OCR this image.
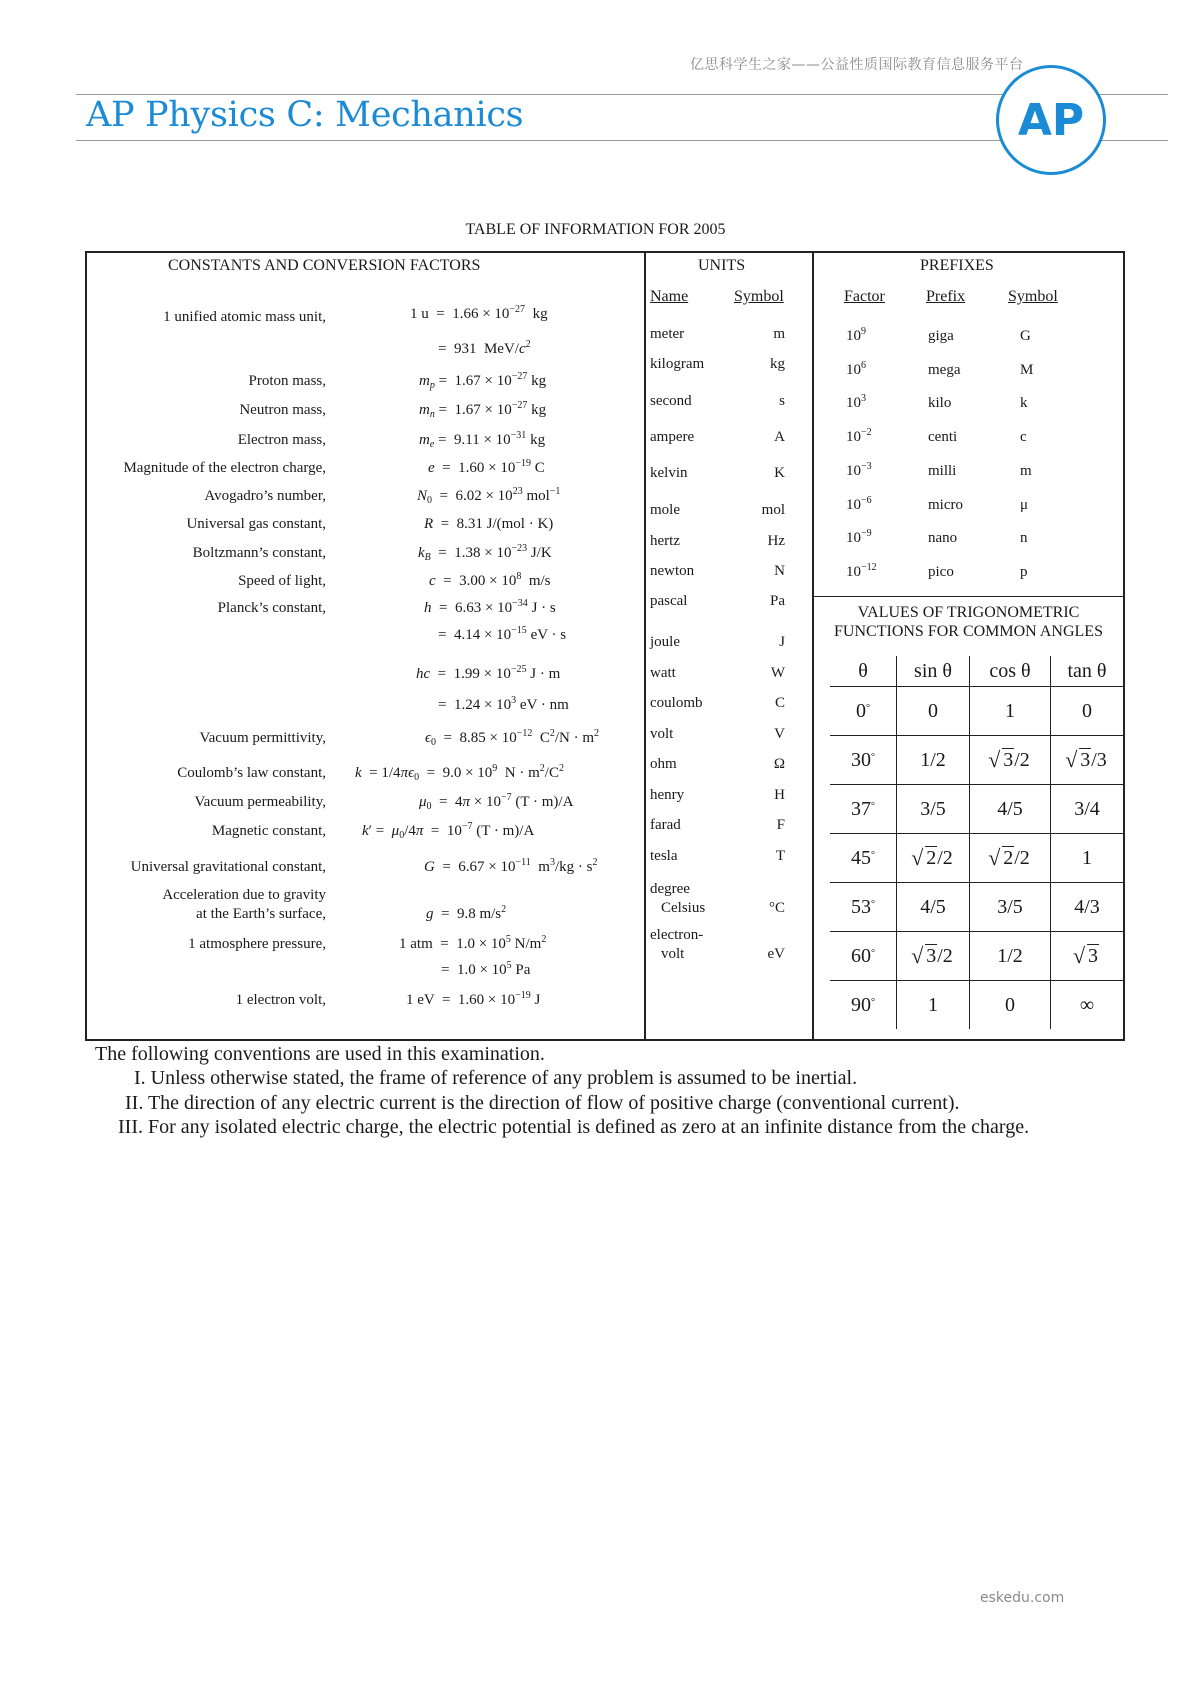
亿思科学生之家——公益性质国际教育信息服务平台
AP Physics C: Mechanics	AP
TABLE OF INFORMATION FOR 2005
CONSTANTS AND CONVERSION FACTORS
1 unified atomic mass unit,	1 $u = 1.66 \times 10^{-27}$  kg
=  931  MeV/$c^2$
Proton mass,	$m_p = 1.67 \times 10^{-27}$ kg
Neutron mass,	$m_n = 1.67 \times 10^{-27}$ kg
Electron mass,	$m_e = 9.11 \times 10^{-31}$ kg
Magnitude of the electron charge,	$e = 1.60 \times 10^{-19}$ C
Avogadro’s number,	$N_0 = 6.02 \times 10^{23}$ mol$^{-1}$
Universal gas constant,	R  =  8.31 J/(mol · K)
Boltzmann’s constant,	$k_B = 1.38 \times 10^{-23}$ J/K
Speed of light,	$c = 3.00 \times 10^8$  m/s
Planck’s constant,	$h = 6.63 \times 10^{-34}$ J · s
=  $4.14 \times 10^{-15}$ eV · s
hc  =  $1.99 \times 10^{-25}$ J · m
=  $1.24 \times 10^3$ eV · nm
Vacuum permittivity,	$\epsilon_0 = 8.85 \times 10^{-12}$  $C^2/N \cdot m^2$
Coulomb’s law constant, $k = 1/4\pi\epsilon_0 = 9.0 \times 10^9$  $N \cdot m^2/C^2$
Vacuum permeability,	$\mu_0 = 4\pi \times 10^{-7}$ (T · m)/A
Magnetic constant, $k' = \mu_0/4\pi = 10^{-7}$ (T · m)/A
Universal gravitational constant,	$G = 6.67 \times 10^{-11}$  $m^3/kg \cdot s^2$
Acceleration due to gravity
at the Earth’s surface,	g  =  9.8 $m/s^2$
1 atmosphere pressure,	1 atm  =  $1.0 \times 10^5$ $N/m^2$
=  $1.0 \times 10^5$ Pa
1 electron volt,	1 eV  =  $1.60 \times 10^{-19}$ J
UNITS
Name	Symbol
meter	m
kilogram	kg
second	s
ampere	A
kelvin	K
mole	mol
hertz	Hz
newton	N
pascal	Pa
joule	J
watt	W
coulomb	C
volt	V
ohm	Ω
henry	H
farad	F
tesla	T
degree
Celsius	°C
electron-
volt	eV
PREFIXES
Factor	Prefix	Symbol
$10^9$	giga	G
$10^6$	mega	M
$10^3$	kilo	k
$10^{-2}$	centi	c
$10^{-3}$	milli	m
$10^{-6}$	micro	μ
$10^{-9}$	nano	n
$10^{-12}$	pico	p
VALUES OF TRIGONOMETRIC
FUNCTIONS FOR COMMON ANGLES
θ	sin θ	cos θ	tan θ
0°	0	1	0
30°	1/2	√ 3/2	√ 3/3
37°	3/5	4/5	3/4
45°	√ 2/2	√ 2/2	1
53°	4/5	3/5	4/3
60°	√ 3/2	1/2	√ 3
90°	1	0	∞
The following conventions are used in this examination.
I. Unless otherwise stated, the frame of reference of any problem is assumed to be inertial.
II. The direction of any electric current is the direction of flow of positive charge (conventional current).
III. For any isolated electric charge, the electric potential is defined as zero at an infinite distance from the charge.
eskedu.com
